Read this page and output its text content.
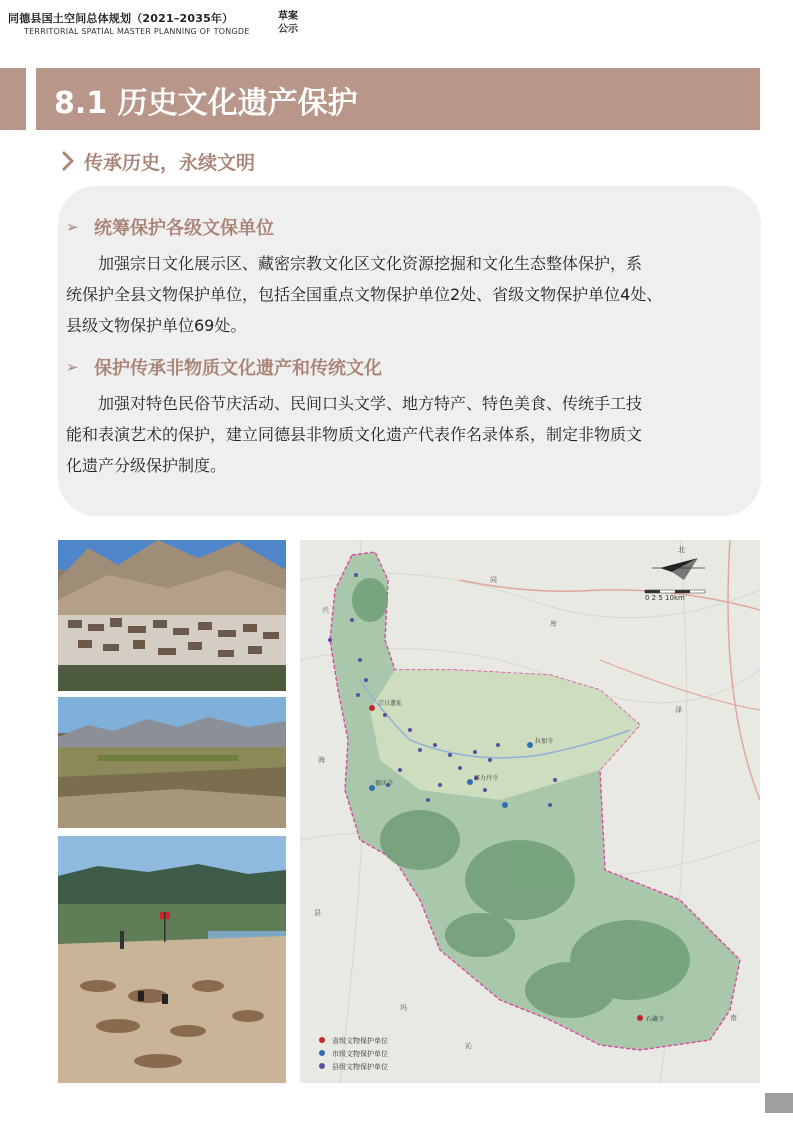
同德县国土空间总体规划（2021–2035年）
TERRITORIAL SPATIAL MASTER PLANNING OF TONGDE
草案
公示
8.1 历史文化遗产保护
传承历史，永续文明
➢ 统筹保护各级文保单位

　　加强宗日文化展示区、藏密宗教文化区文化资源挖掘和文化生态整体保护，系

统保护全县文物保护单位，包括全国重点文物保护单位2处、省级文物保护单位4处、

县级文物保护单位69处。

➢ 保护传承非物质文化遗产和传统文化

　　加强对特色民俗节庆活动、民间口头文学、地方特产、特色美食、传统手工技

能和表演艺术的保护，建立同德县非物质文化遗产代表作名录体系，制定非物质文

化遗产分级保护制度。

北
0 2 5 10km
宗日遗址
拉加寺
赛力丹寺
德庆寺
石藏寺
兴
海
县
库
泽
南
玛
沁
同
省级文物保护单位
市级文物保护单位
县级文物保护单位
